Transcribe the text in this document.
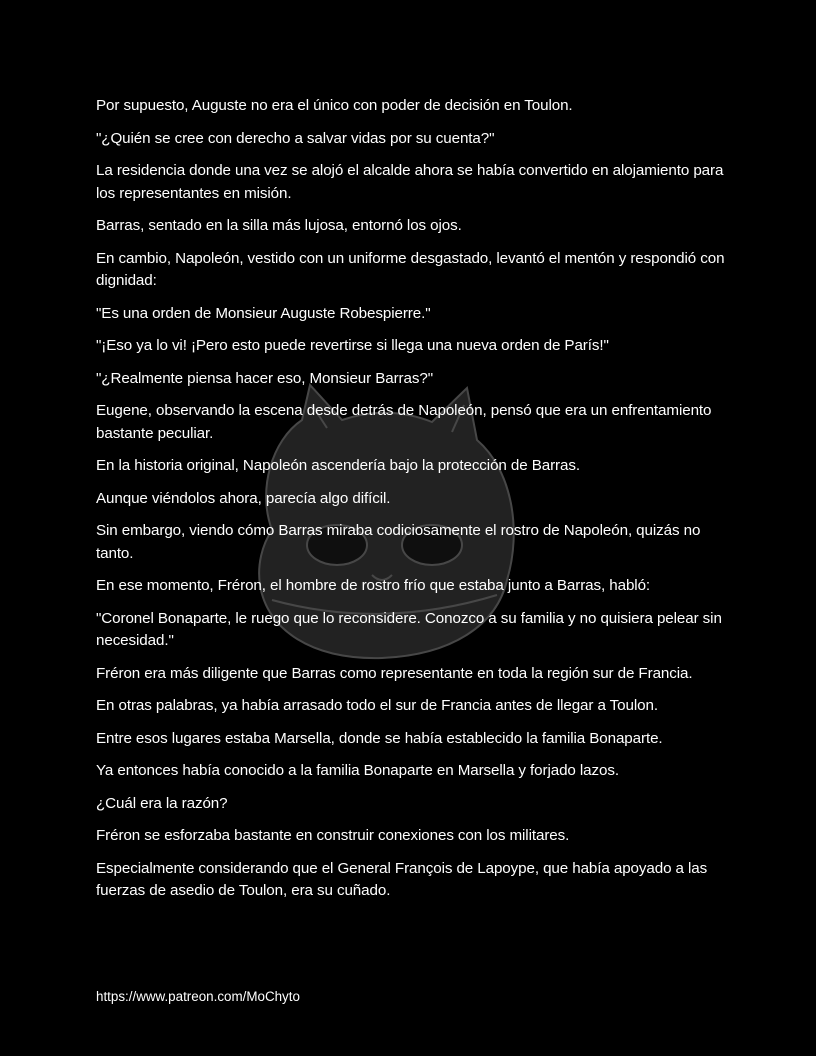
Por supuesto, Auguste no era el único con poder de decisión en Toulon.

"¿Quién se cree con derecho a salvar vidas por su cuenta?"

La residencia donde una vez se alojó el alcalde ahora se había convertido en alojamiento para los representantes en misión.

Barras, sentado en la silla más lujosa, entornó los ojos.

En cambio, Napoleón, vestido con un uniforme desgastado, levantó el mentón y respondió con dignidad:

"Es una orden de Monsieur Auguste Robespierre."

"¡Eso ya lo vi! ¡Pero esto puede revertirse si llega una nueva orden de París!"

"¿Realmente piensa hacer eso, Monsieur Barras?"

Eugene, observando la escena desde detrás de Napoleón, pensó que era un enfrentamiento bastante peculiar.

En la historia original, Napoleón ascendería bajo la protección de Barras.

Aunque viéndolos ahora, parecía algo difícil.

Sin embargo, viendo cómo Barras miraba codiciosamente el rostro de Napoleón, quizás no tanto.

En ese momento, Fréron, el hombre de rostro frío que estaba junto a Barras, habló:

"Coronel Bonaparte, le ruego que lo reconsidere. Conozco a su familia y no quisiera pelear sin necesidad."

Fréron era más diligente que Barras como representante en toda la región sur de Francia.

En otras palabras, ya había arrasado todo el sur de Francia antes de llegar a Toulon.

Entre esos lugares estaba Marsella, donde se había establecido la familia Bonaparte.

Ya entonces había conocido a la familia Bonaparte en Marsella y forjado lazos.

¿Cuál era la razón?

Fréron se esforzaba bastante en construir conexiones con los militares.

Especialmente considerando que el General François de Lapoype, que había apoyado a las fuerzas de asedio de Toulon, era su cuñado.

https://www.patreon.com/MoChyto
